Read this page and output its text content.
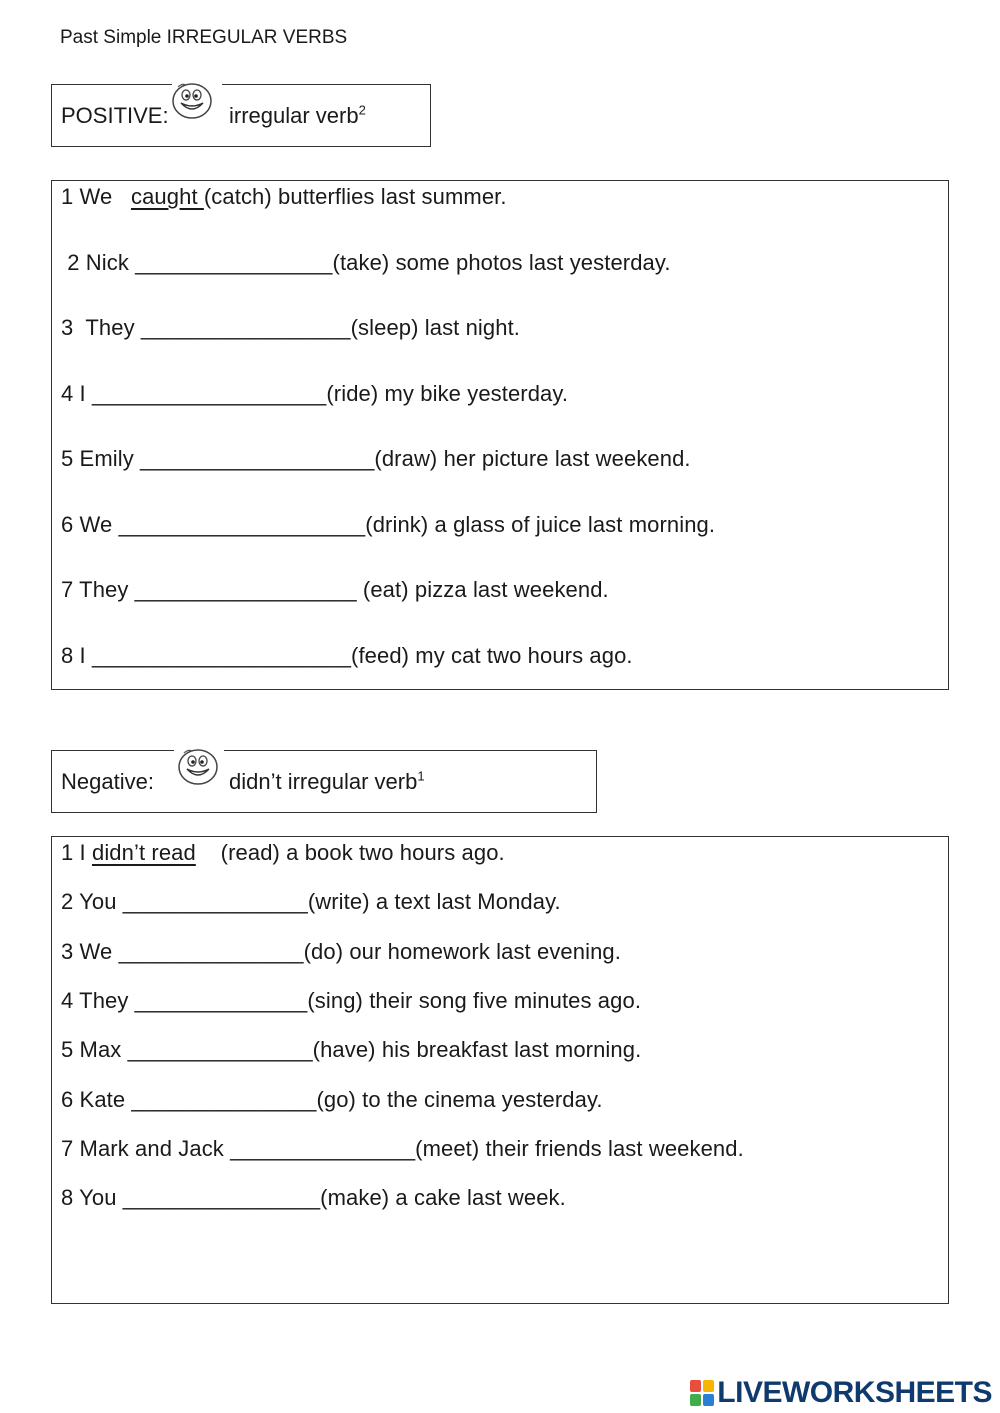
Past Simple IRREGULAR VERBS
POSITIVE:	irregular verb$^2$
1 We   caught (catch) butterflies last summer.
2 Nick ________________(take) some photos last yesterday.
3  They _________________(sleep) last night.
4 I ___________________(ride) my bike yesterday.
5 Emily ___________________(draw) her picture last weekend.
6 We ____________________(drink) a glass of juice last morning.
7 They __________________ (eat) pizza last weekend.
8 I _____________________(feed) my cat two hours ago.
Negative:	didn’t irregular verb$^1$
1 I didn’t read    (read) a book two hours ago.
2 You _______________(write) a text last Monday.
3 We _______________(do) our homework last evening.
4 They ______________(sing) their song five minutes ago.
5 Max _______________(have) his breakfast last morning.
6 Kate _______________(go) to the cinema yesterday.
7 Mark and Jack _______________(meet) their friends last weekend.
8 You ________________(make) a cake last week.
LIVEWORKSHEETS
